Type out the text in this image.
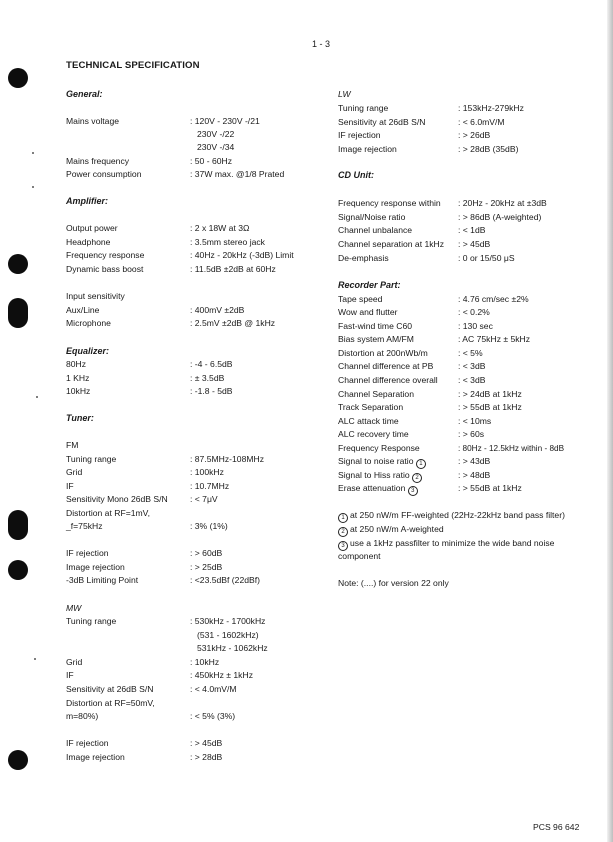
1 - 3
TECHNICAL SPECIFICATION
General:
Mains voltage	: 120V - 230V -/21
230V -/22
230V -/34
Mains frequency	: 50 - 60Hz
Power consumption	: 37W max. @1/8 Prated
Amplifier:
Output power	: 2 x 18W at 3Ω
Headphone	: 3.5mm stereo jack
Frequency response	: 40Hz - 20kHz (-3dB) Limit
Dynamic bass boost	: 11.5dB ±2dB at 60Hz
Input sensitivity
Aux/Line	: 400mV ±2dB
Microphone	: 2.5mV ±2dB @ 1kHz
Equalizer:
80Hz	: -4 - 6.5dB
1 KHz	: ± 3.5dB
10kHz	: -1.8 - 5dB
Tuner:
FM
Tuning range	: 87.5MHz-108MHz
Grid	: 100kHz
IF	: 10.7MHz
Sensitivity Mono 26dB S/N	: < 7μV
Distortion at RF=1mV,
_f=75kHz	: 3% (1%)
IF rejection	: > 60dB
Image rejection	: > 25dB
-3dB Limiting Point	: <23.5dBf (22dBf)
MW
Tuning range	: 530kHz - 1700kHz
(531 - 1602kHz)
531kHz - 1062kHz
Grid	: 10kHz
IF	: 450kHz ± 1kHz
Sensitivity at 26dB S/N	: < 4.0mV/M
Distortion at RF=50mV,
m=80%)	: < 5% (3%)
IF rejection	: > 45dB
Image rejection	: > 28dB
LW
Tuning range	: 153kHz-279kHz
Sensitivity at 26dB S/N	: < 6.0mV/M
IF rejection	: > 26dB
Image rejection	: > 28dB (35dB)
CD Unit:
Frequency response within : 20Hz - 20kHz at ±3dB
Signal/Noise ratio	: > 86dB (A-weighted)
Channel unbalance	: < 1dB
Channel separation at 1kHz : > 45dB
De-emphasis	: 0 or 15/50 μS
Recorder Part:
Tape speed	: 4.76 cm/sec ±2%
Wow and flutter	: < 0.2%
Fast-wind time C60	: 130 sec
Bias system AM/FM	: AC 75kHz ± 5kHz
Distortion at 200nWb/m	: < 5%
Channel difference at PB	: < 3dB
Channel difference overall : < 3dB
Channel Separation	: > 24dB at 1kHz
Track Separation	: > 55dB at 1kHz
ALC attack time	: < 10ms
ALC recovery time	: > 60s
Frequency Response	: 80Hz - 12.5kHz within - 8dB
Signal to noise ratio 1	: > 43dB
Signal to Hiss ratio 2	: > 48dB
Erase attenuation 3	: > 55dB at 1kHz
1 at 250 nW/m FF-weighted (22Hz-22kHz band pass filter)
2 at 250 nW/m A-weighted
3 use a 1kHz passfilter to minimize the wide band noise
component
Note: (....) for version 22 only
PCS 96 642
